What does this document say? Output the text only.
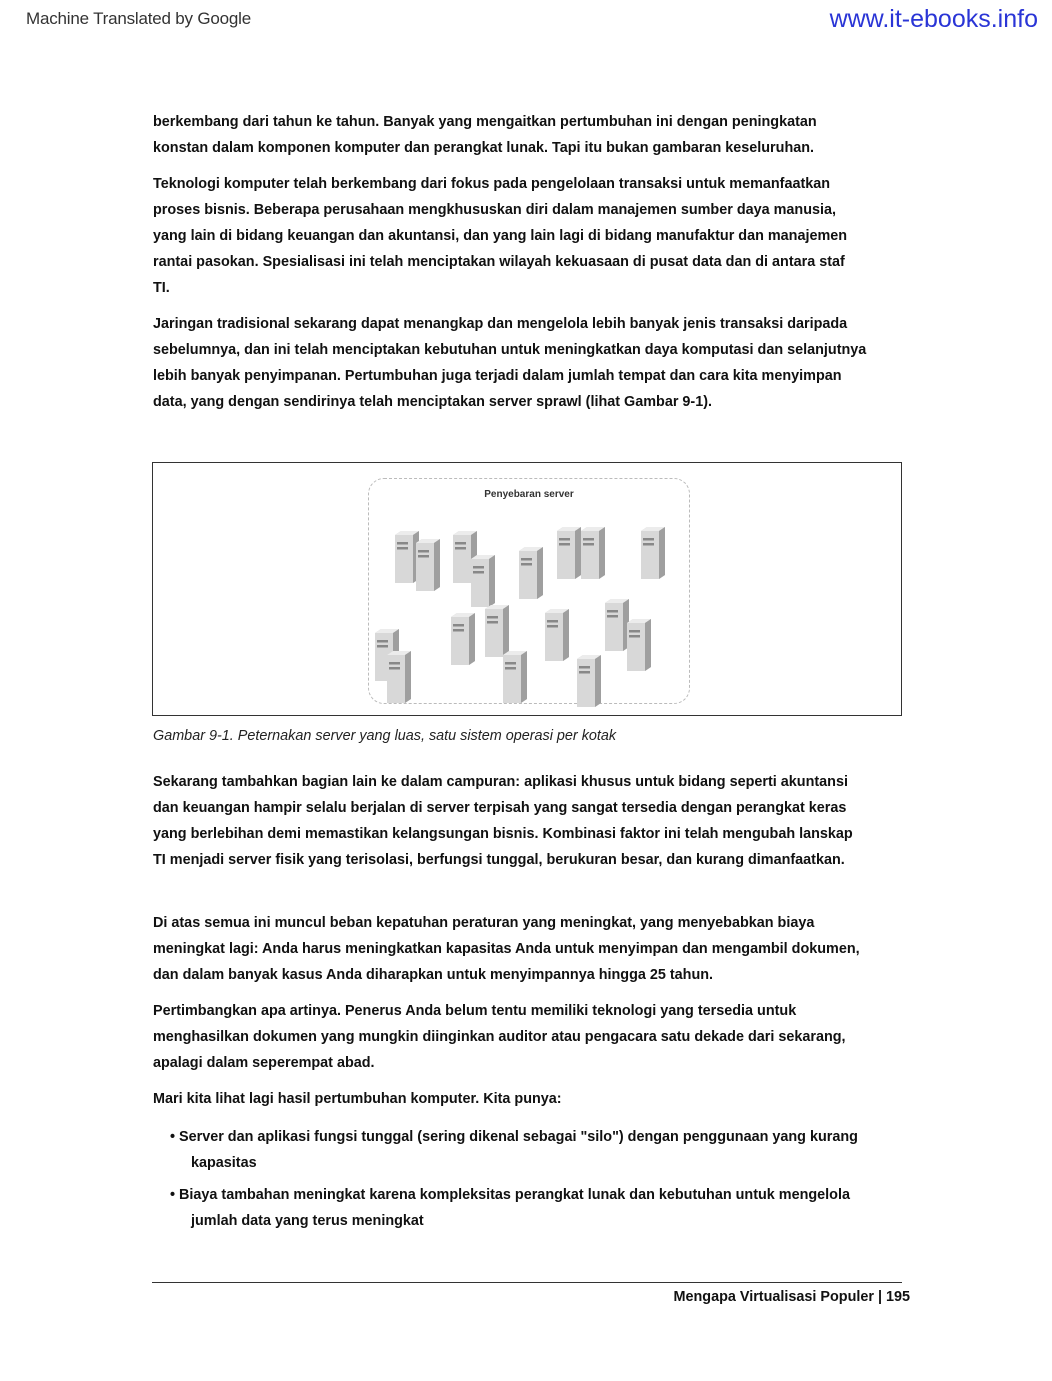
Machine Translated by Google	www.it-ebooks.info

berkembang dari tahun ke tahun. Banyak yang mengaitkan pertumbuhan ini dengan peningkatan
konstan dalam komponen komputer dan perangkat lunak. Tapi itu bukan gambaran keseluruhan.

Teknologi komputer telah berkembang dari fokus pada pengelolaan transaksi untuk memanfaatkan
proses bisnis. Beberapa perusahaan mengkhususkan diri dalam manajemen sumber daya manusia,
yang lain di bidang keuangan dan akuntansi, dan yang lain lagi di bidang manufaktur dan manajemen
rantai pasokan. Spesialisasi ini telah menciptakan wilayah kekuasaan di pusat data dan di antara staf
TI.

Jaringan tradisional sekarang dapat menangkap dan mengelola lebih banyak jenis transaksi daripada
sebelumnya, dan ini telah menciptakan kebutuhan untuk meningkatkan daya komputasi dan selanjutnya
lebih banyak penyimpanan. Pertumbuhan juga terjadi dalam jumlah tempat dan cara kita menyimpan
data, yang dengan sendirinya telah menciptakan server sprawl (lihat Gambar 9-1).

Penyebaran server
Gambar 9-1. Peternakan server yang luas, satu sistem operasi per kotak

Sekarang tambahkan bagian lain ke dalam campuran: aplikasi khusus untuk bidang seperti akuntansi
dan keuangan hampir selalu berjalan di server terpisah yang sangat tersedia dengan perangkat keras
yang berlebihan demi memastikan kelangsungan bisnis. Kombinasi faktor ini telah mengubah lanskap
TI menjadi server fisik yang terisolasi, berfungsi tunggal, berukuran besar, dan kurang dimanfaatkan.

Di atas semua ini muncul beban kepatuhan peraturan yang meningkat, yang menyebabkan biaya
meningkat lagi: Anda harus meningkatkan kapasitas Anda untuk menyimpan dan mengambil dokumen,
dan dalam banyak kasus Anda diharapkan untuk menyimpannya hingga 25 tahun.

Pertimbangkan apa artinya. Penerus Anda belum tentu memiliki teknologi yang tersedia untuk
menghasilkan dokumen yang mungkin diinginkan auditor atau pengacara satu dekade dari sekarang,
apalagi dalam seperempat abad.

Mari kita lihat lagi hasil pertumbuhan komputer. Kita punya:

• Server dan aplikasi fungsi tunggal (sering dikenal sebagai "silo") dengan penggunaan yang kurang
kapasitas
• Biaya tambahan meningkat karena kompleksitas perangkat lunak dan kebutuhan untuk mengelola
jumlah data yang terus meningkat
Mengapa Virtualisasi Populer | 195
